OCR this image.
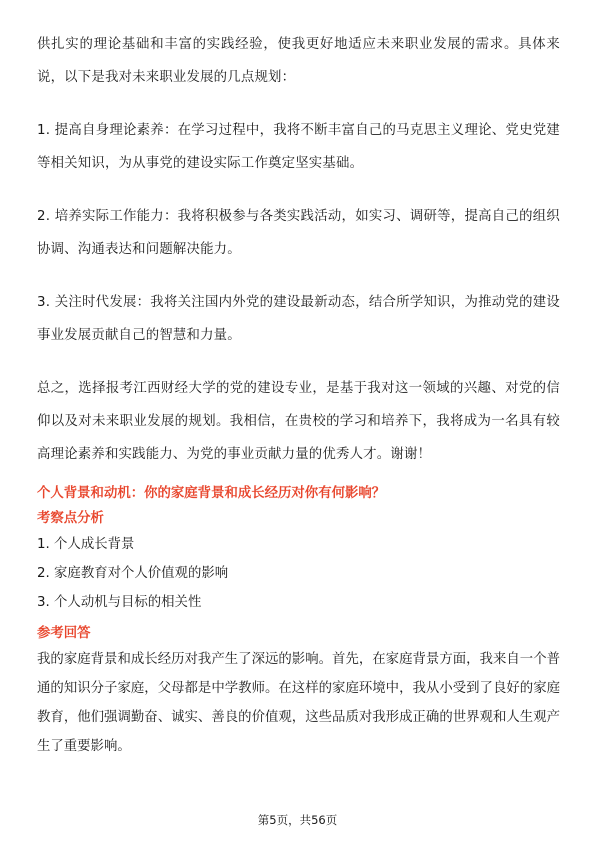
供扎实的理论基础和丰富的实践经验，使我更好地适应未来职业发展的需求。具体来说，以下是我对未来职业发展的几点规划：

1. 提高自身理论素养：在学习过程中，我将不断丰富自己的马克思主义理论、党史党建等相关知识，为从事党的建设实际工作奠定坚实基础。

2. 培养实际工作能力：我将积极参与各类实践活动，如实习、调研等，提高自己的组织协调、沟通表达和问题解决能力。

3. 关注时代发展：我将关注国内外党的建设最新动态，结合所学知识，为推动党的建设事业发展贡献自己的智慧和力量。

总之，选择报考江西财经大学的党的建设专业，是基于我对这一领域的兴趣、对党的信仰以及对未来职业发展的规划。我相信，在贵校的学习和培养下，我将成为一名具有较高理论素养和实践能力、为党的事业贡献力量的优秀人才。谢谢！

个人背景和动机：你的家庭背景和成长经历对你有何影响？
考察点分析

1. 个人成长背景

2. 家庭教育对个人价值观的影响

3. 个人动机与目标的相关性

参考回答

我的家庭背景和成长经历对我产生了深远的影响。首先，在家庭背景方面，我来自一个普通的知识分子家庭，父母都是中学教师。在这样的家庭环境中，我从小受到了良好的家庭教育，他们强调勤奋、诚实、善良的价值观，这些品质对我形成正确的世界观和人生观产生了重要影响。

第5页，共56页
